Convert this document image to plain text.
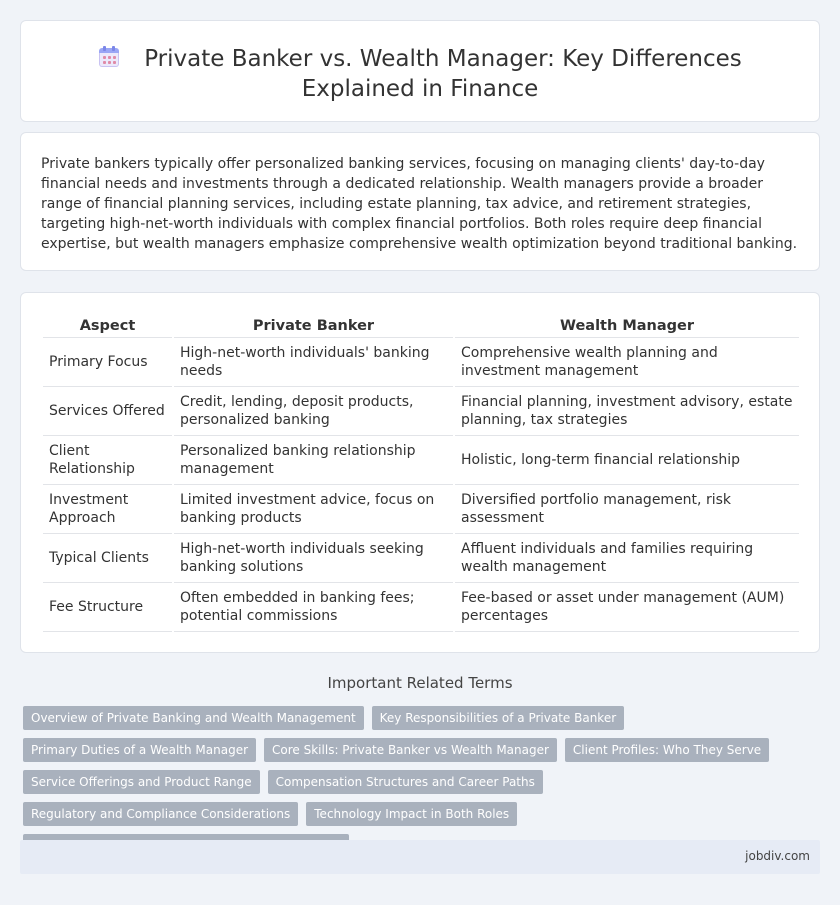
Private Banker vs. Wealth Manager: Key Differences Explained in Finance

Private bankers typically offer personalized banking services, focusing on managing clients' day-to-day financial needs and investments through a dedicated relationship. Wealth managers provide a broader range of financial planning services, including estate planning, tax advice, and retirement strategies, targeting high-net-worth individuals with complex financial portfolios. Both roles require deep financial expertise, but wealth managers emphasize comprehensive wealth optimization beyond traditional banking.

Aspect	Private Banker	Wealth Manager
Primary Focus	High-net-worth individuals' banking needs	Comprehensive wealth planning and investment management
Services Offered	Credit, lending, deposit products, personalized banking	Financial planning, investment advisory, estate planning, tax strategies
Client Relationship	Personalized banking relationship management	Holistic, long-term financial relationship
Investment Approach	Limited investment advice, focus on banking products	Diversified portfolio management, risk assessment
Typical Clients	High-net-worth individuals seeking banking solutions	Affluent individuals and families requiring wealth management
Fee Structure	Often embedded in banking fees; potential commissions	Fee-based or asset under management (AUM) percentages
Important Related Terms
Overview of Private Banking and Wealth Management	Key Responsibilities of a Private Banker
Primary Duties of a Wealth Manager	Core Skills: Private Banker vs Wealth Manager	Client Profiles: Who They Serve
Service Offerings and Product Range	Compensation Structures and Career Paths
Regulatory and Compliance Considerations	Technology Impact in Both Roles
jobdiv.com
